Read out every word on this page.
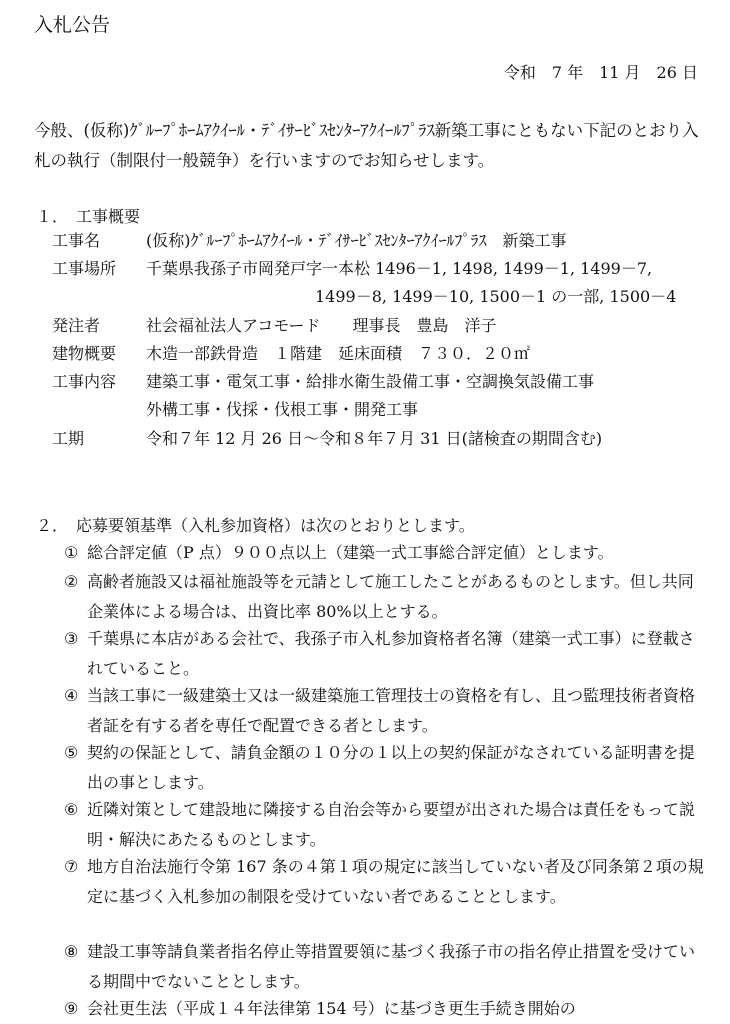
入札公告
令和　7 年　11 月　26 日
今般、(仮称)ｸﾞﾙｰﾌﾟﾎｰﾑｱｸｲｰﾙ・ﾃﾞｲｻｰﾋﾞｽｾﾝﾀｰｱｸｲｰﾙﾌﾟﾗｽ新築工事にともない下記のとおり入札の執行（制限付一般競争）を行いますのでお知らせします。
１．　工事概要
工事名	(仮称)ｸﾞﾙｰﾌﾟﾎｰﾑｱｸｲｰﾙ・ﾃﾞｲｻｰﾋﾞｽｾﾝﾀｰｱｸｲｰﾙﾌﾟﾗｽ　新築工事
工事場所 千葉県我孫子市岡発戸字一本松 1496－1, 1498, 1499－1, 1499－7,
1499－8, 1499－10, 1500－1 の一部, 1500－4
発注者	社会福祉法人アコモード　　理事長　豊島　洋子
建物概要 木造一部鉄骨造　１階建　延床面積　７３０．２０㎡
工事内容 建築工事・電気工事・給排水衛生設備工事・空調換気設備工事
外構工事・伐採・伐根工事・開発工事
工期	令和７年 12 月 26 日～令和８年７月 31 日(諸検査の期間含む)
２．　応募要領基準（入札参加資格）は次のとおりとします。
① 総合評定値（P 点）９００点以上（建築一式工事総合評定値）とします。
② 高齢者施設又は福祉施設等を元請として施工したことがあるものとします。但し共同企業体による場合は、出資比率 80%以上とする。
③ 千葉県に本店がある会社で、我孫子市入札参加資格者名簿（建築一式工事）に登載されていること。
④ 当該工事に一級建築士又は一級建築施工管理技士の資格を有し、且つ監理技術者資格者証を有する者を専任で配置できる者とします。
⑤ 契約の保証として、請負金額の１０分の１以上の契約保証がなされている証明書を提出の事とします。
⑥ 近隣対策として建設地に隣接する自治会等から要望が出された場合は責任をもって説明・解決にあたるものとします。
⑦ 地方自治法施行令第 167 条の４第１項の規定に該当していない者及び同条第２項の規定に基づく入札参加の制限を受けていない者であることとします。
⑧ 建設工事等請負業者指名停止等措置要領に基づく我孫子市の指名停止措置を受けている期間中でないこととします。
⑨ 会社更生法（平成１４年法律第 154 号）に基づき更生手続き開始の
